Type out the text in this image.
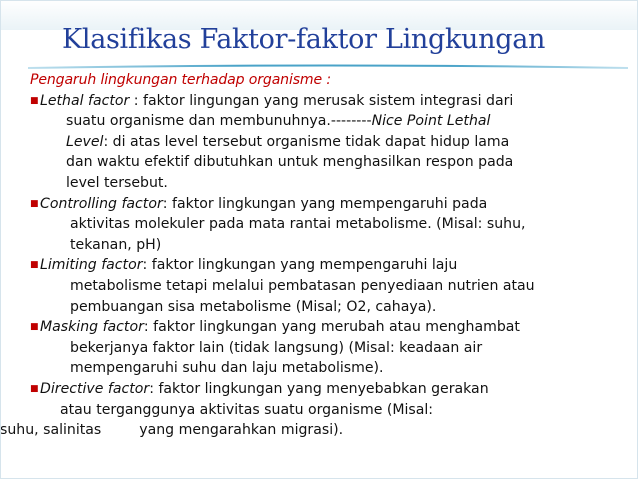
Klasifikas Faktor-faktor Lingkungan
Pengaruh lingkungan terhadap organisme :
■Lethal factor : faktor lingungan yang merusak sistem integrasi dari
suatu organisme dan membunuhnya.--------Nice Point Lethal
Level: di atas level tersebut organisme tidak dapat hidup lama
dan waktu efektif dibutuhkan untuk menghasilkan respon pada
level tersebut.
■Controlling factor: faktor lingkungan yang mempengaruhi pada
aktivitas molekuler pada mata rantai metabolisme. (Misal: suhu,
tekanan, pH)
■Limiting factor: faktor lingkungan yang mempengaruhi laju
metabolisme tetapi melalui pembatasan penyediaan nutrien atau
pembuangan sisa metabolisme (Misal; O2, cahaya).
■Masking factor: faktor lingkungan yang merubah atau menghambat
bekerjanya faktor lain (tidak langsung) (Misal: keadaan air
mempengaruhi suhu dan laju metabolisme).
■Directive factor: faktor lingkungan yang menyebabkan gerakan
atau terganggunya aktivitas suatu organisme (Misal:
suhu, salinitas	yang mengarahkan migrasi).
